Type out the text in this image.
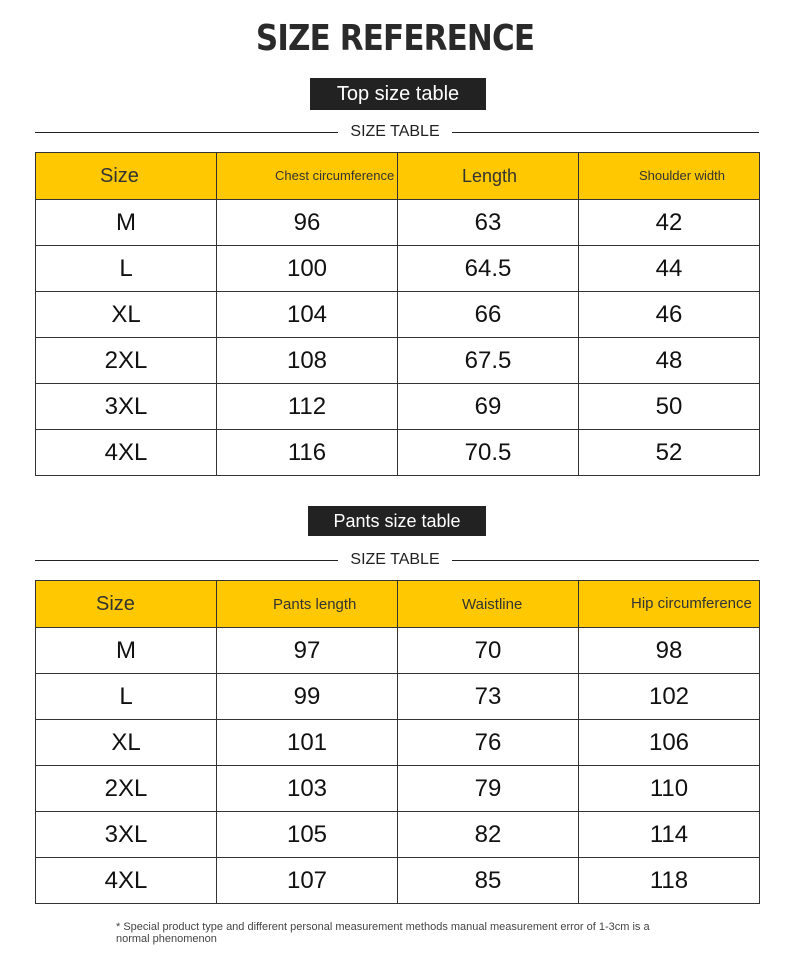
SIZE REFERENCE
Top size table
SIZE TABLE
Size	Chest circumference	Length	Shoulder width
M	96	63	42
L	100	64.5	44
XL	104	66	46
2XL	108	67.5	48
3XL	112	69	50
4XL	116	70.5	52
Pants size table
SIZE TABLE
Size	Pants length	Waistline	Hip circumference
M	97	70	98
L	99	73	102
XL	101	76	106
2XL	103	79	110
3XL	105	82	114
4XL	107	85	118
* Special product type and different personal measurement methods manual measurement error of 1-3cm is a normal phenomenon
